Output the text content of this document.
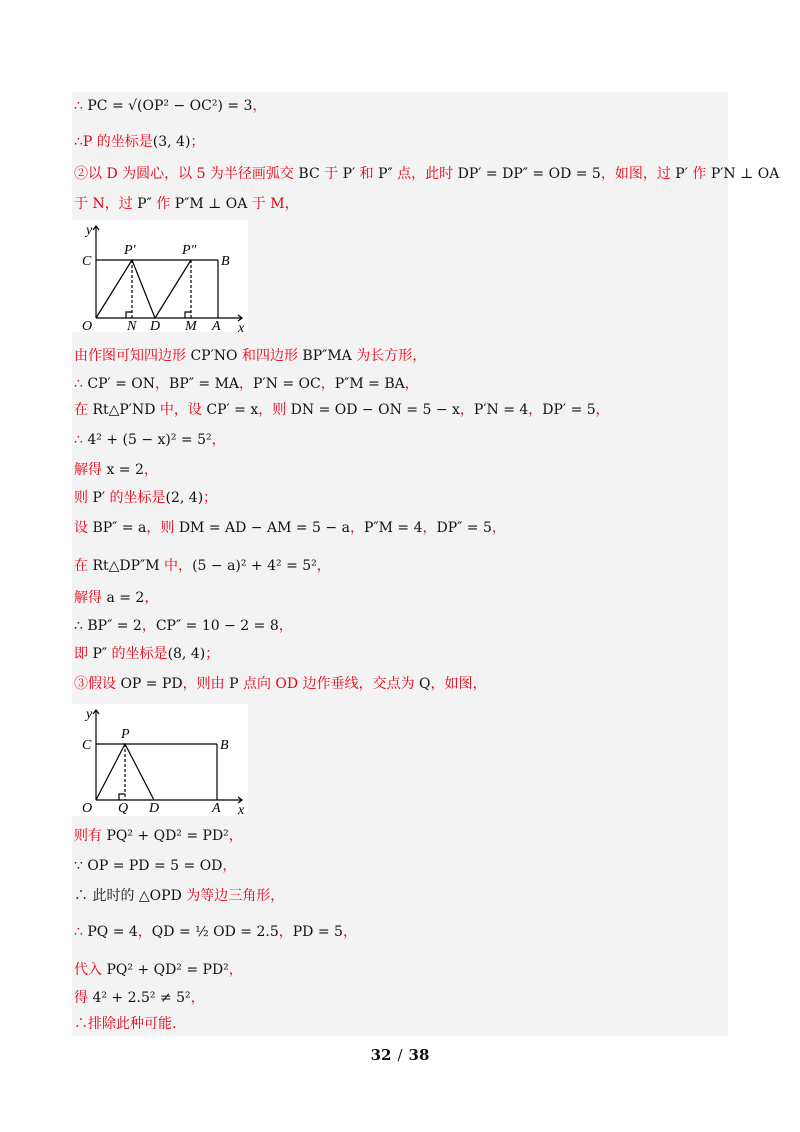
∴ PC = √(OP² − OC²) = 3，
∴P 的坐标是(3, 4)；
②以 D 为圆心，以 5 为半径画弧交 BC 于 P′ 和 P″ 点，此时 DP′ = DP″ = OD = 5，如图，过 P′ 作 P′N ⊥ OA
于 N，过 P″ 作 P″M ⊥ OA 于 M，
y
x
C
P′	P″
B
O N D M A
由作图可知四边形 CP′NO 和四边形 BP″MA 为长方形，
∴ CP′ = ON，BP″ = MA，P′N = OC，P″M = BA，
在 Rt△P′ND 中，设 CP′ = x，则 DN = OD − ON = 5 − x，P′N = 4，DP′ = 5，
∴ 4² + (5 − x)² = 5²，
解得 x = 2，
则 P′ 的坐标是(2, 4)；
设 BP″ = a，则 DM = AD − AM = 5 − a，P″M = 4，DP″ = 5，
在 Rt△DP″M 中，(5 − a)² + 4² = 5²，
解得 a = 2，
∴ BP″ = 2，CP″ = 10 − 2 = 8，
即 P″ 的坐标是(8, 4)；
③假设 OP = PD，则由 P 点向 OD 边作垂线，交点为 Q，如图，
y
x
C
P
B
O Q D	A
则有 PQ² + QD² = PD²，
∵ OP = PD = 5 = OD，
∴ 此时的 △OPD 为等边三角形，
∴ PQ = 4，QD = ½ OD = 2.5，PD = 5，
代入 PQ² + QD² = PD²，
得 4² + 2.5² ≠ 5²，
∴排除此种可能.
32 / 38
